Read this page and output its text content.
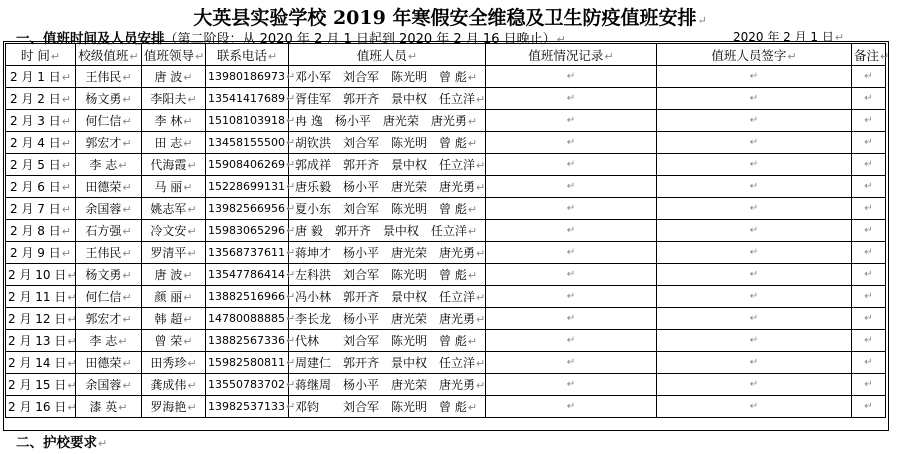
大英县实验学校 2019 年寒假安全维稳及卫生防疫值班安排↵
一、值班时间及人员安排（第二阶段：从 2020 年 2 月 1 日起到 2020 年 2 月 16 日晚止）↵	2020 年 2 月 1 日↵
时 间↵	校级值班↵	值班领导↵	联系电话↵	值班人员↵	值班情况记录↵	值班人员签字↵	备注↵
2 月 1 日↵	王伟民↵	唐 波↵	13980186973↵	邓小军　刘合军　陈光明　曾 彪↵	↵	↵	↵
2 月 2 日↵	杨文勇↵	李阳夫↵	13541417689↵	胥佳军　郭开齐　景中权　任立洋↵	↵	↵	↵
2 月 3 日↵	何仁信↵	李 林↵	15108103918↵	冉 逸　杨小平　唐光荣　唐光勇↵	↵	↵	↵
2 月 4 日↵	郭宏才↵	田 志↵	13458155500↵	胡钦洪　刘合军　陈光明　曾 彪↵	↵	↵	↵
2 月 5 日↵	李 志↵	代海霞↵	15908406269↵	郭成祥　郭开齐　景中权　任立洋↵	↵	↵	↵
2 月 6 日↵	田德荣↵	马 丽↵	15228699131↵	唐乐毅　杨小平　唐光荣　唐光勇↵	↵	↵	↵
2 月 7 日↵	余国蓉↵	姚志军↵	13982566956↵	夏小东　刘合军　陈光明　曾 彪↵	↵	↵	↵
2 月 8 日↵	石方强↵	冷文安↵	15983065296↵	唐 毅　郭开齐　景中权　任立洋↵	↵	↵	↵
2 月 9 日↵	王伟民↵	罗清平↵	13568737611↵	蒋坤才　杨小平　唐光荣　唐光勇↵	↵	↵	↵
2 月 10 日↵	杨文勇↵	唐 波↵	13547786414↵	左科洪　刘合军　陈光明　曾 彪↵	↵	↵	↵
2 月 11 日↵	何仁信↵	颜 丽↵	13882516966↵	冯小林　郭开齐　景中权　任立洋↵	↵	↵	↵
2 月 12 日↵	郭宏才↵	韩 超↵	14780088885↵	李长龙　杨小平　唐光荣　唐光勇↵	↵	↵	↵
2 月 13 日↵	李 志↵	曾 荣↵	13882567336↵	代林　　刘合军　陈光明　曾 彪↵	↵	↵	↵
2 月 14 日↵	田德荣↵	田秀珍↵	15982580811↵	周建仁　郭开齐　景中权　任立洋↵	↵	↵	↵
2 月 15 日↵	余国蓉↵	龚成伟↵	13550783702↵	蒋继周　杨小平　唐光荣　唐光勇↵	↵	↵	↵
2 月 16 日↵	漆 英↵	罗海艳↵	13982537133↵	邓钧　　刘合军　陈光明　曾 彪↵	↵	↵	↵
二、护校要求↵
